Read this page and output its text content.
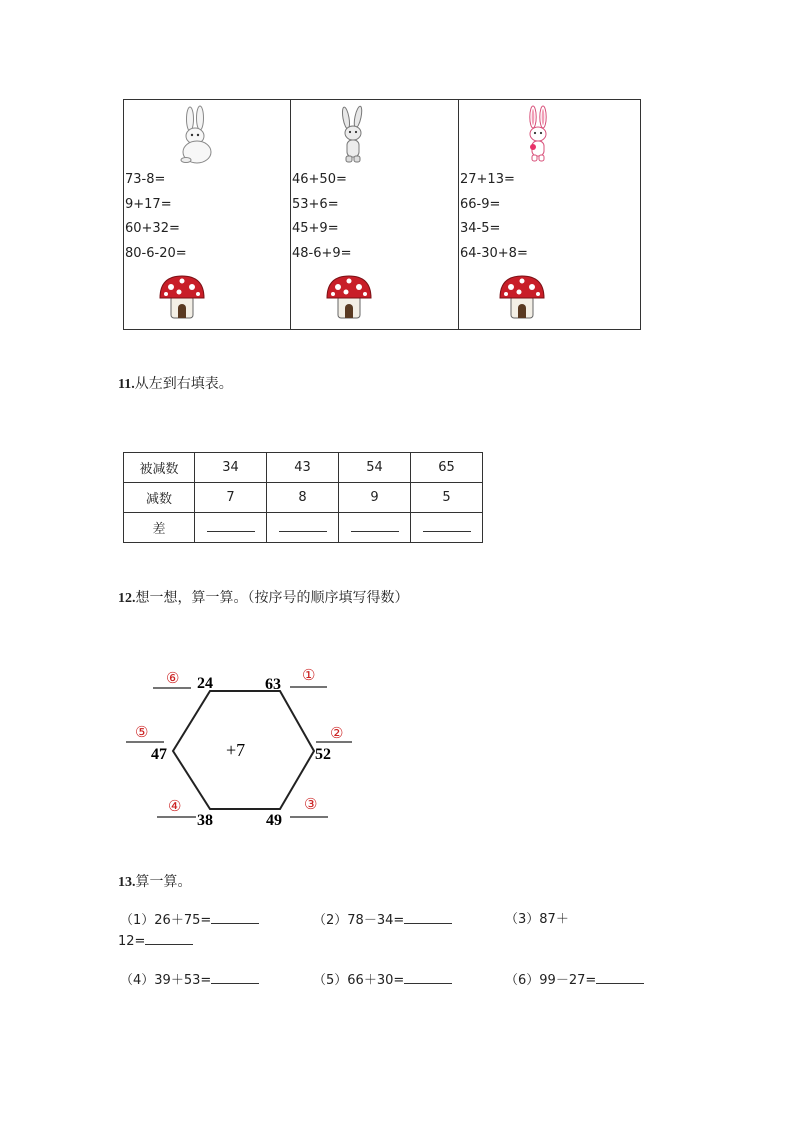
73-8=
9+17=
60+32=
80-6-20=
46+50=
53+6=
45+9=
48-6+9=
27+13=
66-9=
34-5=
64-30+8=
11.从左到右填表。
被减数	34	43	54	65
减数	7	8	9	5
差				
12.想一想，算一算。（按序号的顺序填写得数）
+7
24	63
52
49
38
47
⑥	①
⑤	②
④	③
13.算一算。
（1）26＋75=	（2）78－34=	（3）87＋
12=
（4）39＋53=	（5）66＋30=	（6）99－27=
